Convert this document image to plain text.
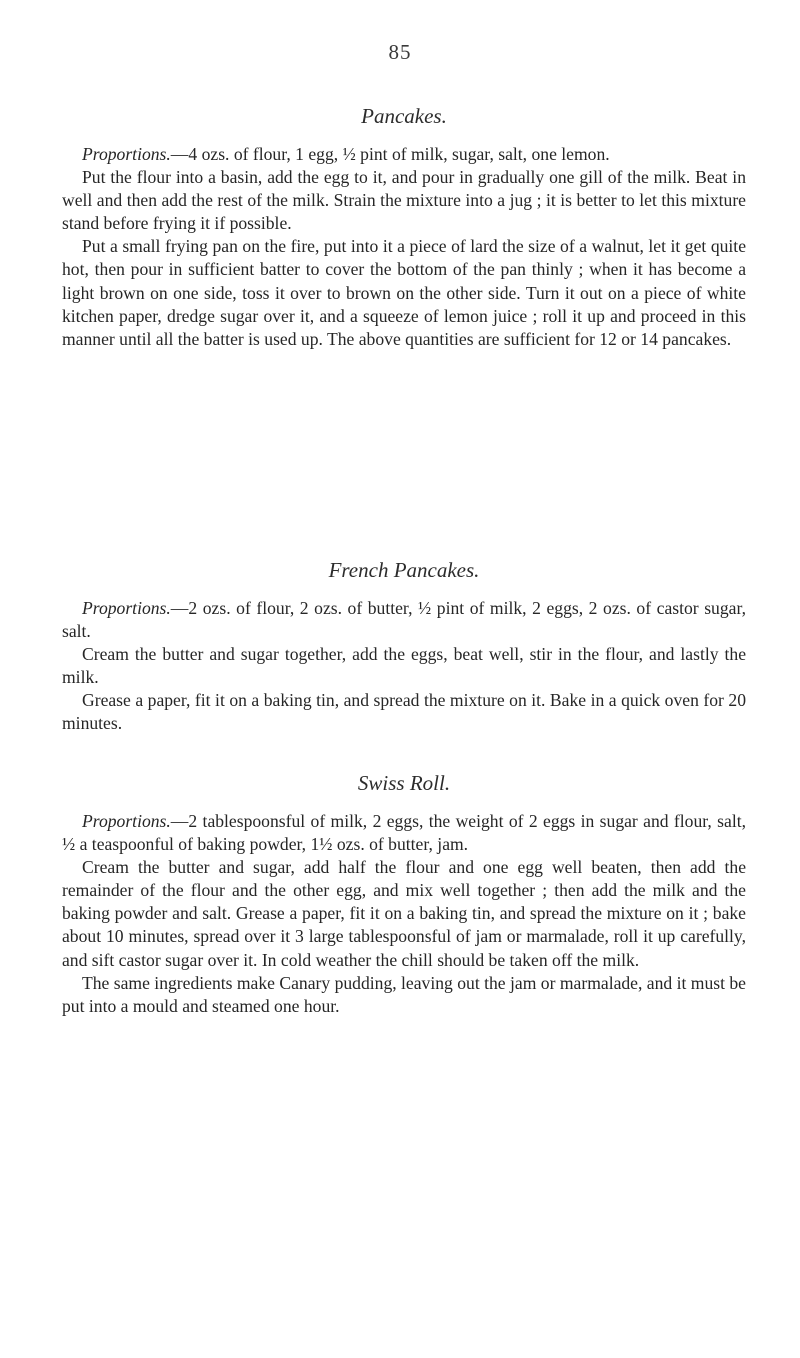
85
Pancakes.

Proportions.—4 ozs. of flour, 1 egg, ½ pint of milk, sugar, salt, one lemon.

Put the flour into a basin, add the egg to it, and pour in gradually one gill of the milk. Beat in well and then add the rest of the milk. Strain the mixture into a jug ; it is better to let this mixture stand before frying it if possible.

Put a small frying pan on the fire, put into it a piece of lard the size of a walnut, let it get quite hot, then pour in sufficient batter to cover the bottom of the pan thinly ; when it has become a light brown on one side, toss it over to brown on the other side. Turn it out on a piece of white kitchen paper, dredge sugar over it, and a squeeze of lemon juice ; roll it up and proceed in this manner until all the batter is used up. The above quantities are sufficient for 12 or 14 pancakes.

French Pancakes.

Proportions.—2 ozs. of flour, 2 ozs. of butter, ½ pint of milk, 2 eggs, 2 ozs. of castor sugar, salt.

Cream the butter and sugar together, add the eggs, beat well, stir in the flour, and lastly the milk.

Grease a paper, fit it on a baking tin, and spread the mixture on it. Bake in a quick oven for 20 minutes.

Swiss Roll.

Proportions.—2 tablespoonsful of milk, 2 eggs, the weight of 2 eggs in sugar and flour, salt, ½ a teaspoonful of baking powder, 1½ ozs. of butter, jam.

Cream the butter and sugar, add half the flour and one egg well beaten, then add the remainder of the flour and the other egg, and mix well together ; then add the milk and the baking powder and salt. Grease a paper, fit it on a baking tin, and spread the mixture on it ; bake about 10 minutes, spread over it 3 large tablespoonsful of jam or marmalade, roll it up carefully, and sift castor sugar over it. In cold weather the chill should be taken off the milk.

The same ingredients make Canary pudding, leaving out the jam or marmalade, and it must be put into a mould and steamed one hour.
